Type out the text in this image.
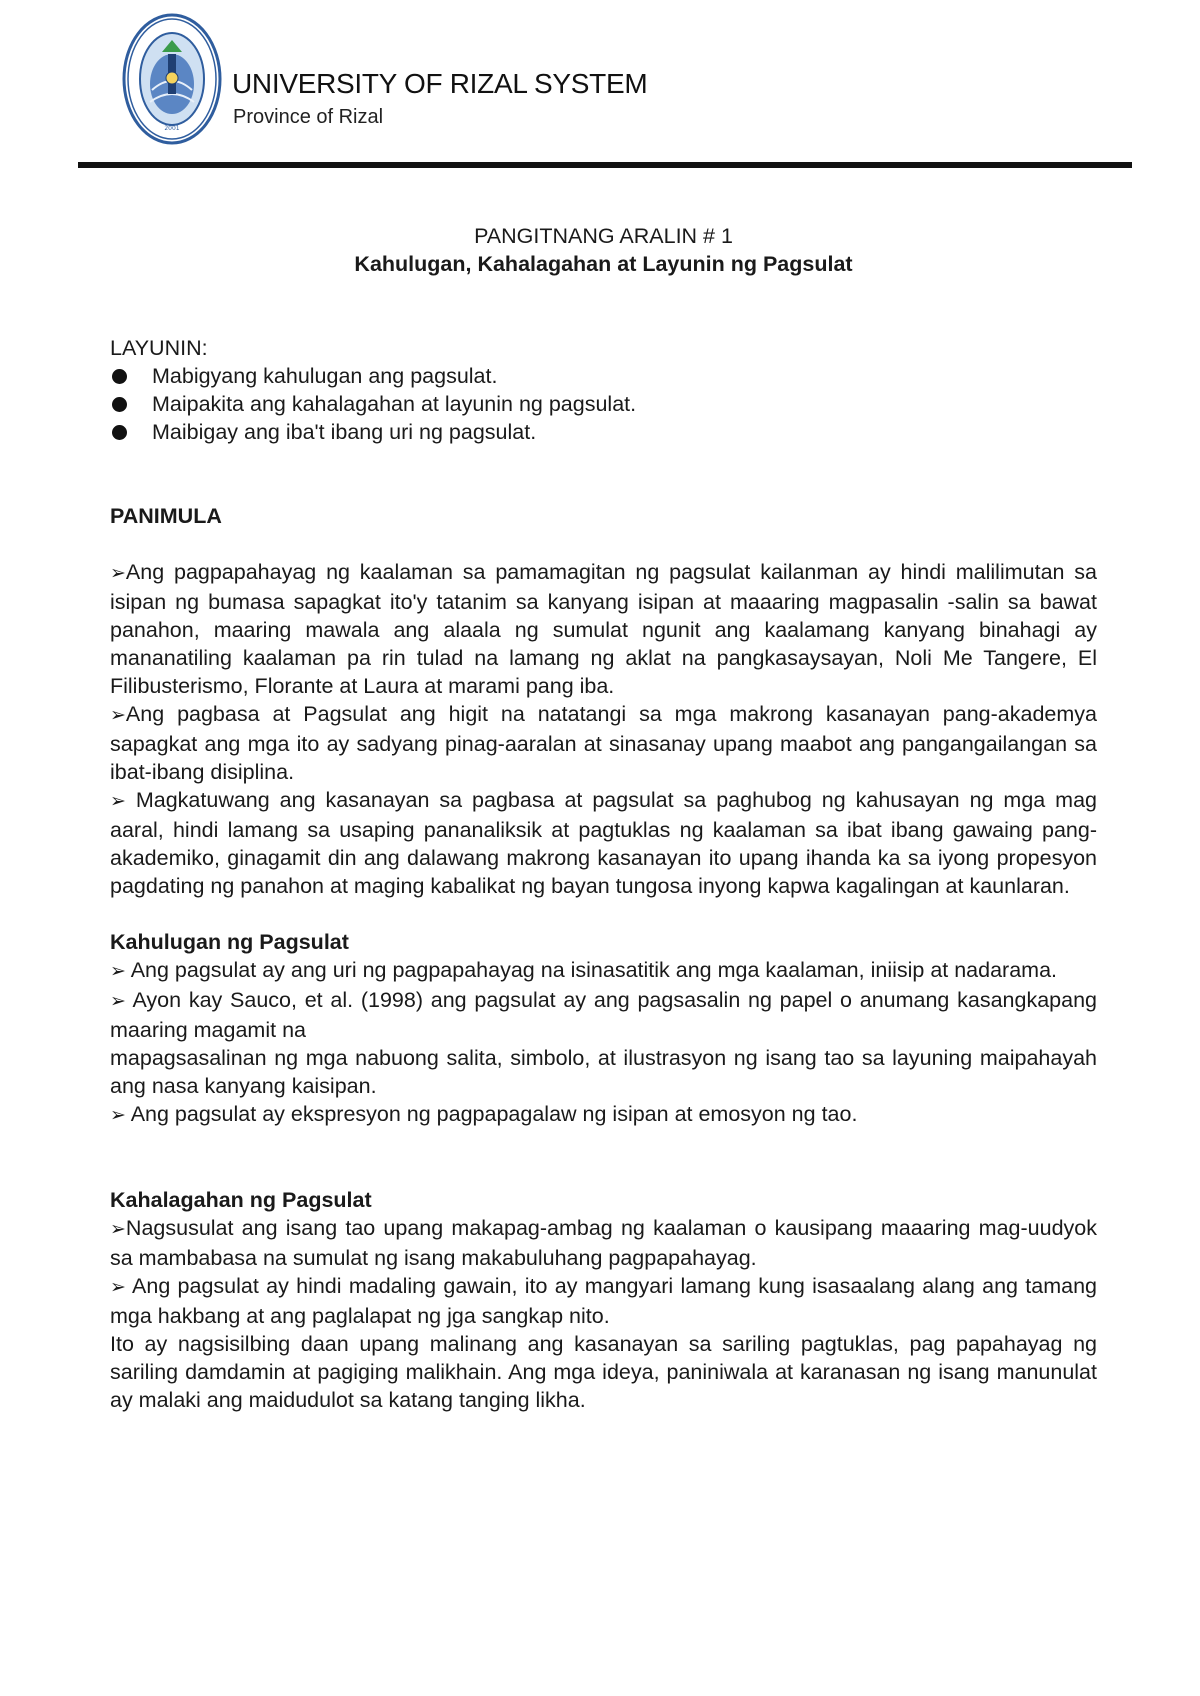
2001
UNIVERSITY OF RIZAL SYSTEM
Province of Rizal
PANGITNANG ARALIN # 1
Kahulugan, Kahalagahan at Layunin ng Pagsulat
LAYUNIN:
Mabigyang kahulugan ang pagsulat.
Maipakita ang kahalagahan at layunin ng pagsulat.
Maibigay ang iba't ibang uri ng pagsulat.
PANIMULA

➢Ang pagpapahayag ng kaalaman sa pamamagitan ng pagsulat kailanman ay hindi malilimutan sa isipan ng bumasa sapagkat ito'y tatanim sa kanyang isipan at maaaring magpasalin -salin sa bawat panahon, maaring mawala ang alaala ng sumulat ngunit ang kaalamang kanyang binahagi ay mananatiling kaalaman pa rin tulad na lamang ng aklat na pangkasaysayan, Noli Me Tangere, El Filibusterismo, Florante at Laura at marami pang iba.

➢Ang pagbasa at Pagsulat ang higit na natatangi sa mga makrong kasanayan pang-akademya sapagkat ang mga ito ay sadyang pinag-aaralan at sinasanay upang maabot ang pangangailangan sa ibat-ibang disiplina.

➢ Magkatuwang ang kasanayan sa pagbasa at pagsulat sa paghubog ng kahusayan ng mga mag aaral, hindi lamang sa usaping pananaliksik at pagtuklas ng kaalaman sa ibat ibang gawaing pang-akademiko, ginagamit din ang dalawang makrong kasanayan ito upang ihanda ka sa iyong propesyon pagdating ng panahon at maging kabalikat ng bayan tungosa inyong kapwa kagalingan at kaunlaran.

Kahulugan ng Pagsulat

➢ Ang pagsulat ay ang uri ng pagpapahayag na isinasatitik ang mga kaalaman, iniisip at nadarama.

➢ Ayon kay Sauco, et al. (1998) ang pagsulat ay ang pagsasalin ng papel o anumang kasangkapang maaring magamit na

mapagsasalinan ng mga nabuong salita, simbolo, at ilustrasyon ng isang tao sa layuning maipahayah ang nasa kanyang kaisipan.

➢ Ang pagsulat ay ekspresyon ng pagpapagalaw ng isipan at emosyon ng tao.

Kahalagahan ng Pagsulat

➢Nagsusulat ang isang tao upang makapag-ambag ng kaalaman o kausipang maaaring mag-uudyok sa mambabasa na sumulat ng isang makabuluhang pagpapahayag.

➢ Ang pagsulat ay hindi madaling gawain, ito ay mangyari lamang kung isasaalang alang ang tamang mga hakbang at ang paglalapat ng jga sangkap nito.

Ito ay nagsisilbing daan upang malinang ang kasanayan sa sariling pagtuklas, pag papahayag ng sariling damdamin at pagiging malikhain. Ang mga ideya, paniniwala at karanasan ng isang manunulat ay malaki ang maidudulot sa katang tanging likha.
